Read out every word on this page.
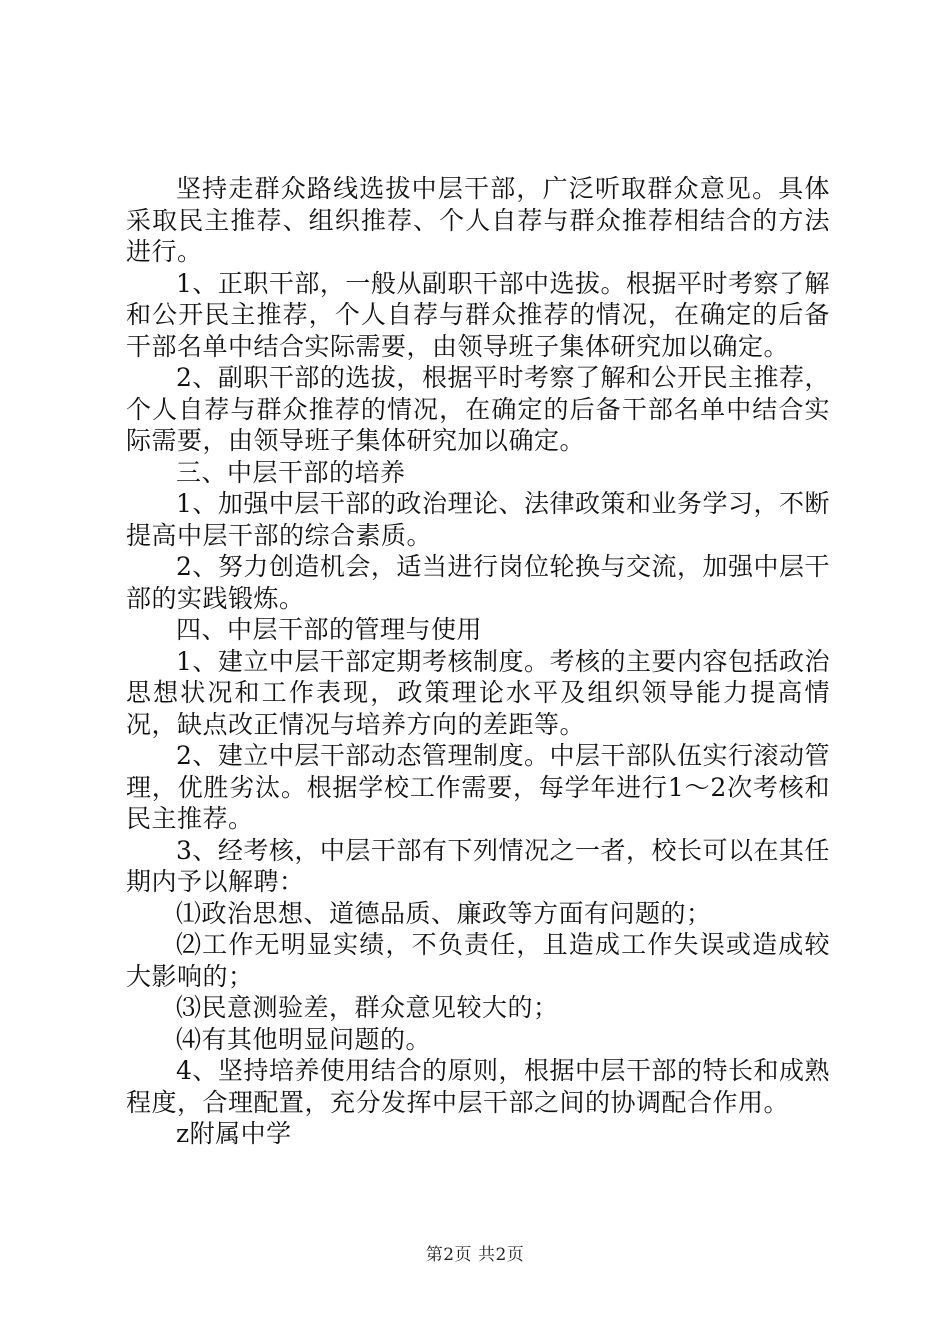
坚持走群众路线选拔中层干部，广泛听取群众意见。具体采取民主推荐、组织推荐、个人自荐与群众推荐相结合的方法进行。

1、正职干部，一般从副职干部中选拔。根据平时考察了解和公开民主推荐，个人自荐与群众推荐的情况，在确定的后备干部名单中结合实际需要，由领导班子集体研究加以确定。

2、副职干部的选拔，根据平时考察了解和公开民主推荐，个人自荐与群众推荐的情况，在确定的后备干部名单中结合实际需要，由领导班子集体研究加以确定。

三、中层干部的培养

1、加强中层干部的政治理论、法律政策和业务学习，不断提高中层干部的综合素质。

2、努力创造机会，适当进行岗位轮换与交流，加强中层干部的实践锻炼。

四、中层干部的管理与使用

1、建立中层干部定期考核制度。考核的主要内容包括政治思想状况和工作表现，政策理论水平及组织领导能力提高情况，缺点改正情况与培养方向的差距等。

2、建立中层干部动态管理制度。中层干部队伍实行滚动管理，优胜劣汰。根据学校工作需要，每学年进行1～2次考核和民主推荐。

3、经考核，中层干部有下列情况之一者，校长可以在其任期内予以解聘：

⑴政治思想、道德品质、廉政等方面有问题的；

⑵工作无明显实绩，不负责任，且造成工作失误或造成较大影响的；

⑶民意测验差，群众意见较大的；

⑷有其他明显问题的。

4、坚持培养使用结合的原则，根据中层干部的特长和成熟程度，合理配置，充分发挥中层干部之间的协调配合作用。

z附属中学

第2页 共2页
